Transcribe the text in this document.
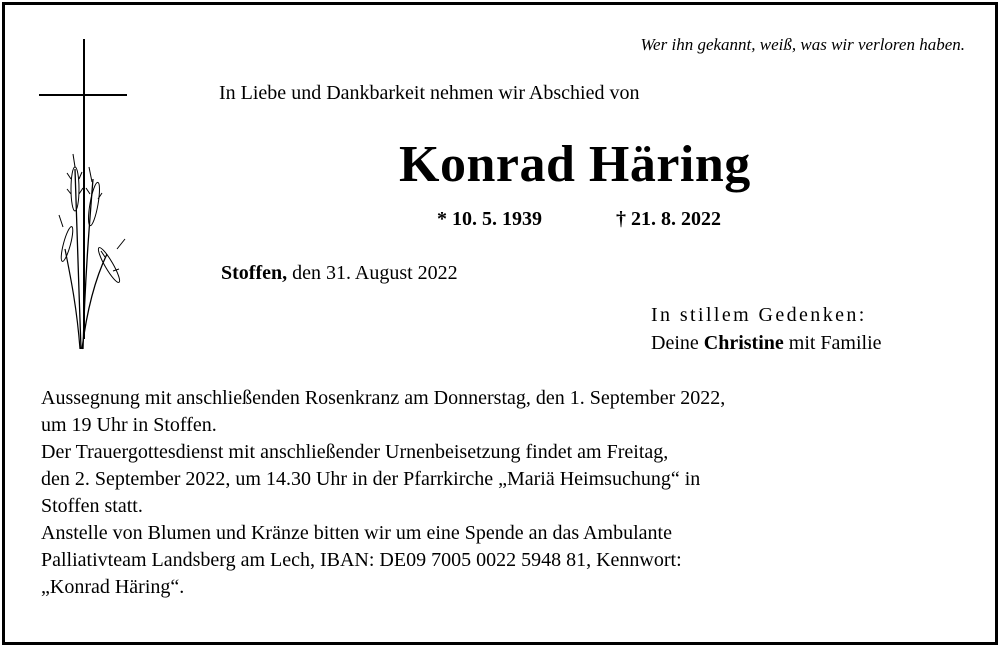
Wer ihn gekannt, weiß, was wir verloren haben.
In Liebe und Dankbarkeit nehmen wir Abschied von
Konrad Häring
* 10. 5. 1939	† 21. 8. 2022
Stoffen, den 31. August 2022
In stillem Gedenken:
Deine Christine mit Familie

Aussegnung mit anschließenden Rosenkranz am Donnerstag, den 1. September 2022,

um 19 Uhr in Stoffen.

Der Trauergottesdienst mit anschließender Urnenbeisetzung findet am Freitag,

den 2. September 2022, um 14.30 Uhr in der Pfarrkirche „Mariä Heimsuchung“ in

Stoffen statt.

Anstelle von Blumen und Kränze bitten wir um eine Spende an das Ambulante

Palliativteam Landsberg am Lech, IBAN: DE09 7005 0022 5948 81, Kennwort:

„Konrad Häring“.
